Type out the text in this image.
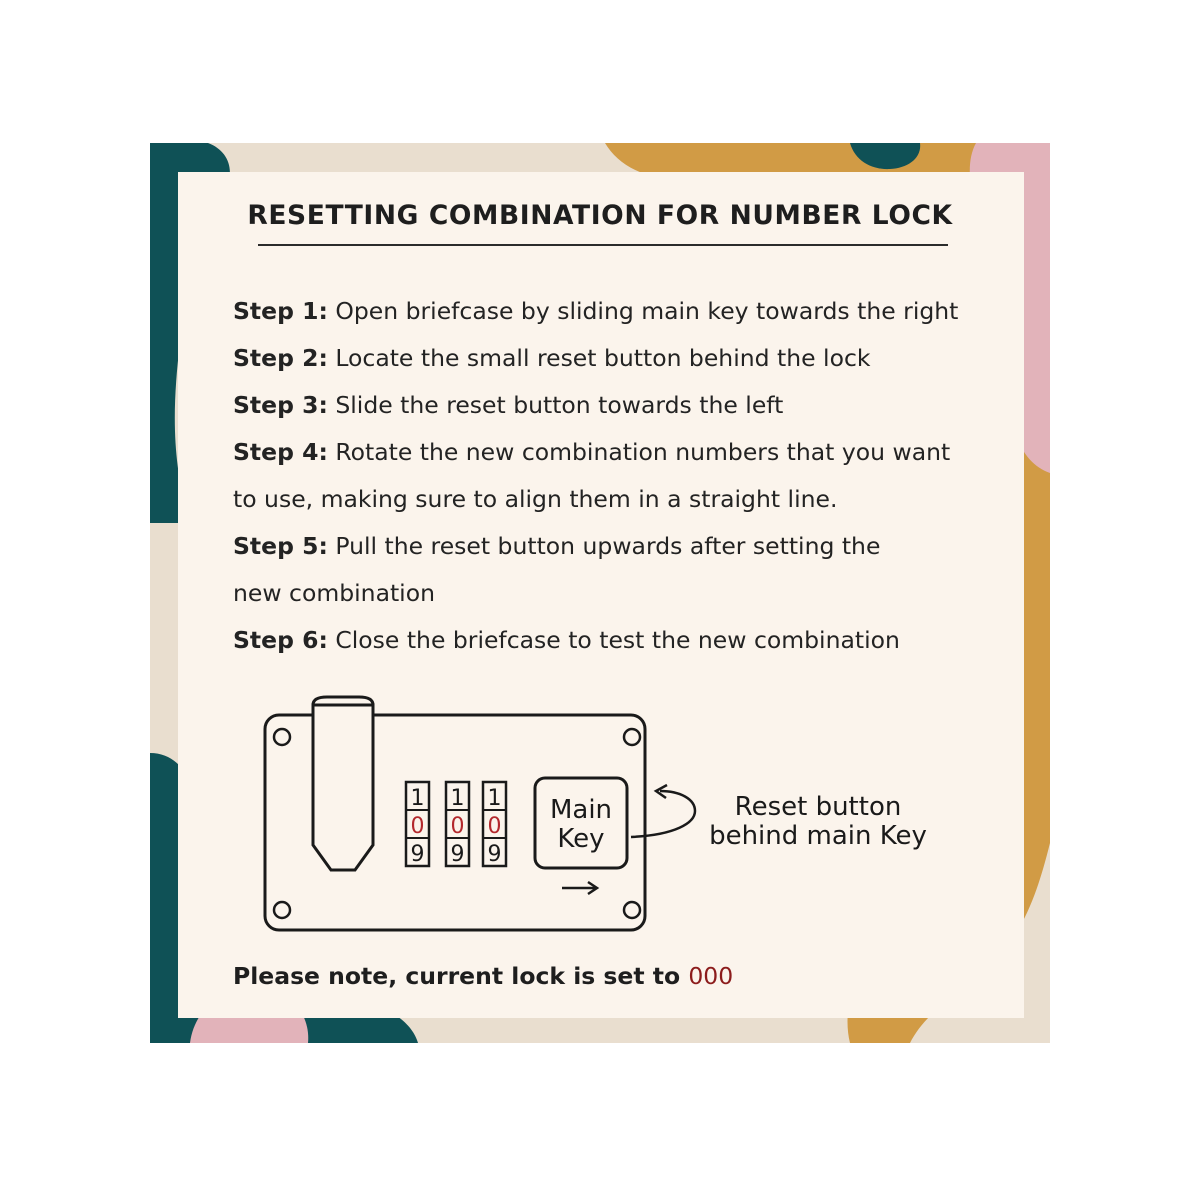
RESETTING COMBINATION FOR NUMBER LOCK
Step 1: Open briefcase by sliding main key towards the right
Step 2: Locate the small reset button behind the lock
Step 3: Slide the reset button towards the left
Step 4: Rotate the new combination numbers that you want
to use, making sure to align them in a straight line.
Step 5: Pull the reset button upwards after setting the
new combination
Step 6: Close the briefcase to test the new combination
1
0
9
1
0
9
1
0
9
Main
Key
Reset button
behind main Key
Please note, current lock is set to 000
